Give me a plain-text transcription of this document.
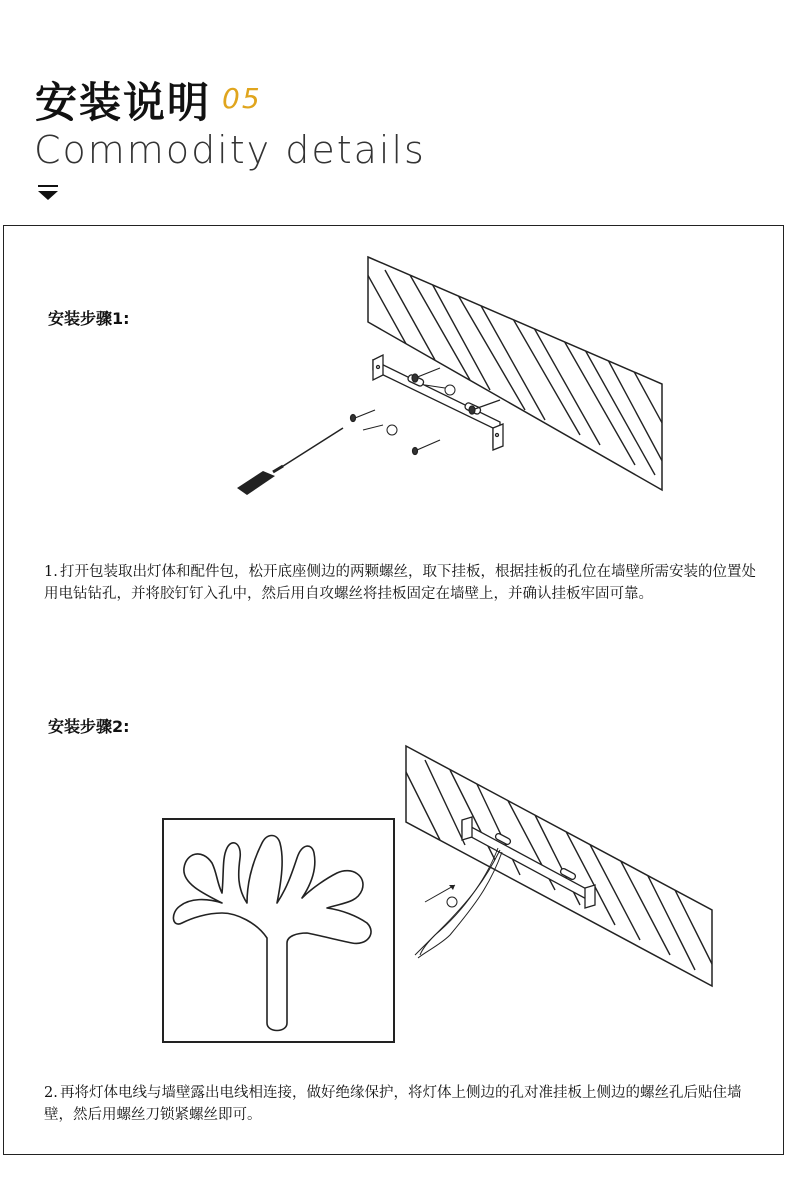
安装说明 05
Commodity details
安装步骤1:
1. 打开包装取出灯体和配件包，松开底座侧边的两颗螺丝，取下挂板，根据挂板的孔位在墙壁所需安装的位置处用电钻钻孔，并将胶钉钉入孔中，然后用自攻螺丝将挂板固定在墙壁上，并确认挂板牢固可靠。
安装步骤2:
2. 再将灯体电线与墙壁露出电线相连接，做好绝缘保护，将灯体上侧边的孔对准挂板上侧边的螺丝孔后贴住墙壁，然后用螺丝刀锁紧螺丝即可。
